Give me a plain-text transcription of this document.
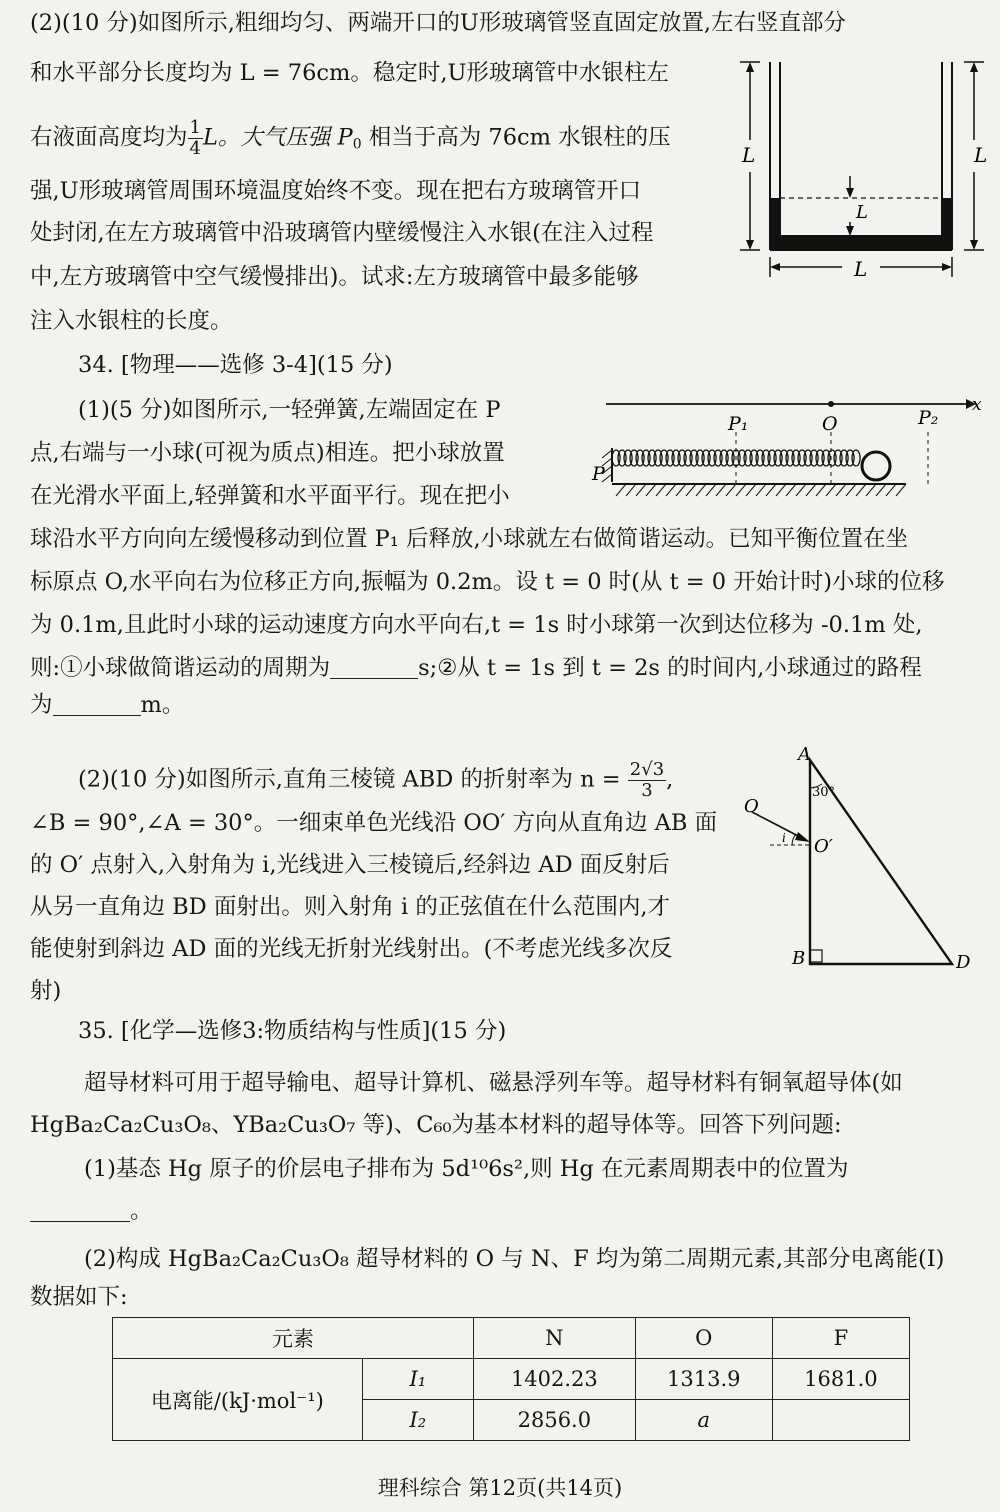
(2)(10 分)如图所示,粗细均匀、两端开口的U形玻璃管竖直固定放置,左右竖直部分

和水平部分长度均为 L = 76cm。稳定时,U形玻璃管中水银柱左

右液面高度均为 $\frac{1}{4}$ L。大气压强 $P_0$ 相当于高为 76cm 水银柱的压

强,U形玻璃管周围环境温度始终不变。现在把右方玻璃管开口

处封闭,在左方玻璃管中沿玻璃管内壁缓慢注入水银(在注入过程

中,左方玻璃管中空气缓慢排出)。试求:左方玻璃管中最多能够

注入水银柱的长度。

L	L
L
L

34. [物理——选修 3-4](15 分)

(1)(5 分)如图所示,一轻弹簧,左端固定在 P

点,右端与一小球(可视为质点)相连。把小球放置

在光滑水平面上,轻弹簧和水平面平行。现在把小

球沿水平方向向左缓慢移动到位置 P₁ 后释放,小球就左右做简谐运动。已知平衡位置在坐

标原点 O,水平向右为位移正方向,振幅为 0.2m。设 t = 0 时(从 t = 0 开始计时)小球的位移

为 0.1m,且此时小球的运动速度方向水平向右,t = 1s 时小球第一次到达位移为 -0.1m 处,

则:①小球做简谐运动的周期为	s;②从 t = 1s 到 t = 2s 的时间内,小球通过的路程

为	m。

x
P
P₁	O	P₂

(2)(10 分)如图所示,直角三棱镜 ABD 的折射率为 $n = \frac{2√3}{3}$ ,

∠B = 90°,∠A = 30°。一细束单色光线沿 OO′ 方向从直角边 AB 面

的 O′ 点射入,入射角为 i,光线进入三棱镜后,经斜边 AD 面反射后

从另一直角边 BD 面射出。则入射角 i 的正弦值在什么范围内,才

能使射到斜边 AD 面的光线无折射光线射出。(不考虑光线多次反

射)

A
B	D
O
O′
30°
i

35. [化学—选修3:物质结构与性质](15 分)

超导材料可用于超导输电、超导计算机、磁悬浮列车等。超导材料有铜氧超导体(如

HgBa₂Ca₂Cu₃O₈、YBa₂Cu₃O₇ 等)、C₆₀为基本材料的超导体等。回答下列问题:

(1)基态 Hg 原子的价层电子排布为 5d¹⁰6s²,则 Hg 在元素周期表中的位置为

。

(2)构成 HgBa₂Ca₂Cu₃O₈ 超导材料的 O 与 N、F 均为第二周期元素,其部分电离能(I)

数据如下:

元素		N	O	F
电离能/(kJ·mol⁻¹)	I₁	1402.23	1313.9	1681.0
	I₂	2856.0	a	
理科综合 第12页(共14页)
